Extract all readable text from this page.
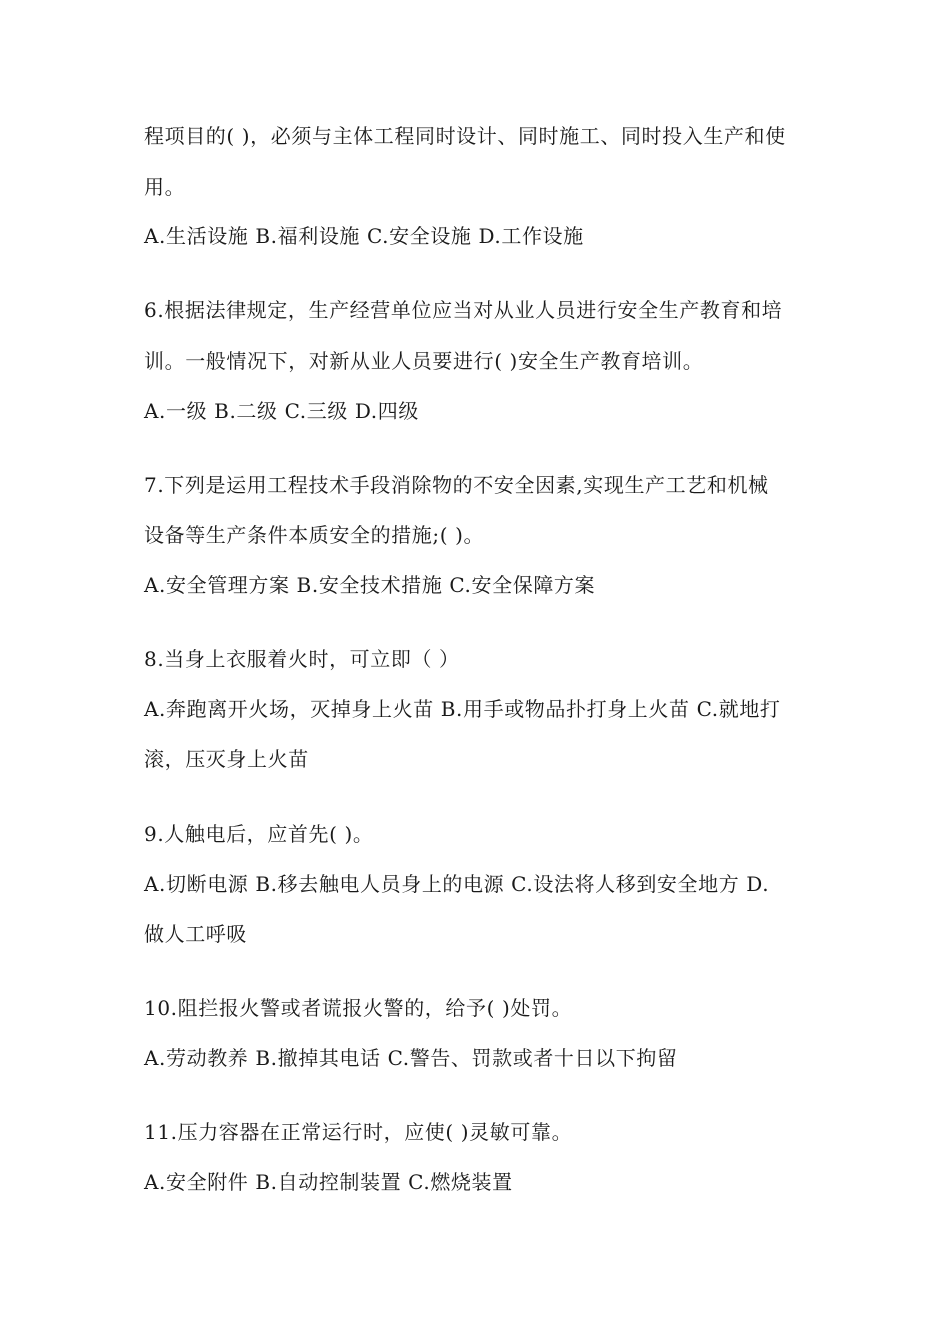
程项目的( )，必须与主体工程同时设计、同时施工、同时投入生产和使
用。
A.生活设施 B.福利设施 C.安全设施 D.工作设施
6.根据法律规定，生产经营单位应当对从业人员进行安全生产教育和培
训。一般情况下，对新从业人员要进行( )安全生产教育培训。
A.一级 B.二级 C.三级 D.四级
7.下列是运用工程技术手段消除物的不安全因素,实现生产工艺和机械
设备等生产条件本质安全的措施;( )。
A.安全管理方案 B.安全技术措施 C.安全保障方案
8.当身上衣服着火时，可立即（ ）
A.奔跑离开火场，灭掉身上火苗 B.用手或物品扑打身上火苗 C.就地打
滚，压灭身上火苗
9.人触电后，应首先( )。
A.切断电源 B.移去触电人员身上的电源 C.设法将人移到安全地方 D.
做人工呼吸
10.阻拦报火警或者谎报火警的，给予( )处罚。
A.劳动教养 B.撤掉其电话 C.警告、罚款或者十日以下拘留
11.压力容器在正常运行时，应使( )灵敏可靠。
A.安全附件 B.自动控制装置 C.燃烧装置
